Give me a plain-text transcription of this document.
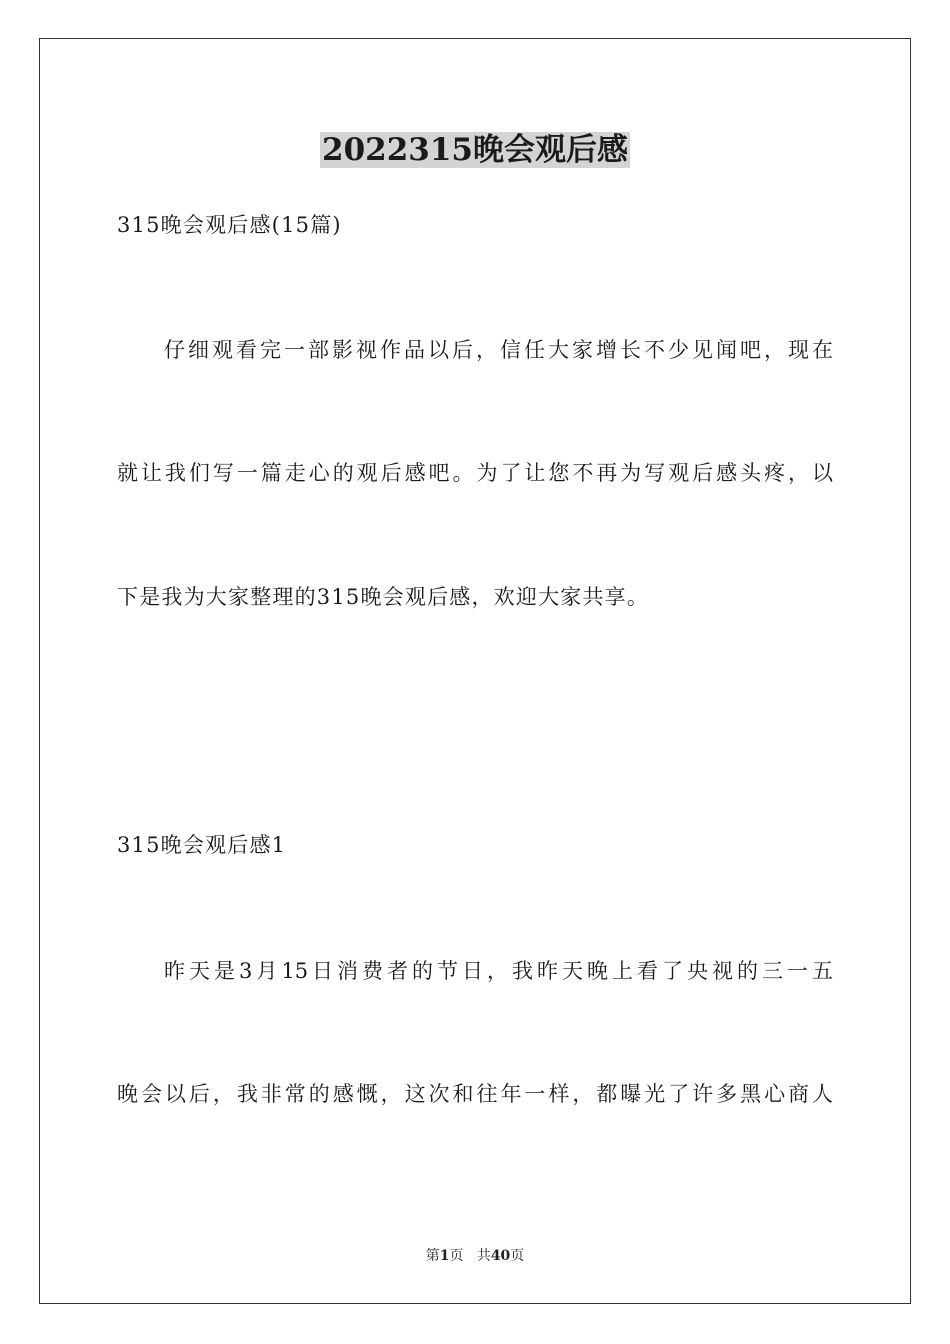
2022315晚会观后感
315晚会观后感(15篇)
仔细观看完一部影视作品以后，信任大家增长不少见闻吧，现在
就让我们写一篇走心的观后感吧。为了让您不再为写观后感头疼，以
下是我为大家整理的315晚会观后感，欢迎大家共享。
315晚会观后感1
昨天是3月15日消费者的节日，我昨天晚上看了央视的三一五
晚会以后，我非常的感慨，这次和往年一样，都曝光了许多黑心商人
第1页 共40页
